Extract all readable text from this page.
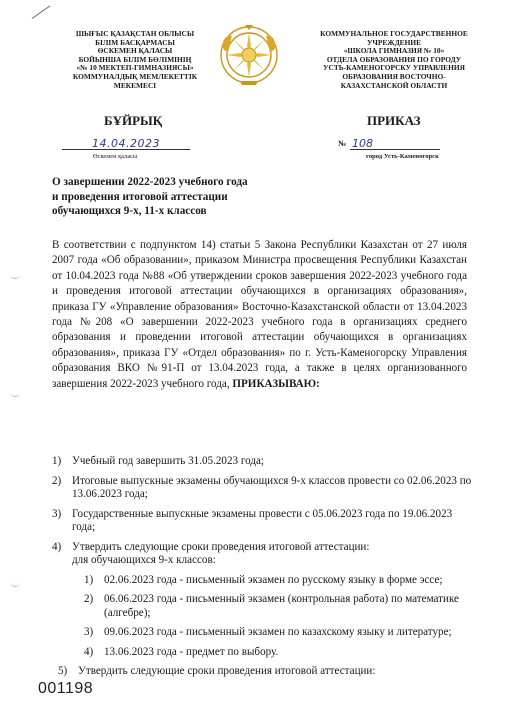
ШЫҒЫС ҚАЗАҚСТАН ОБЛЫСЫ
БІЛІМ БАСҚАРМАСЫ
ӨСКЕМЕН ҚАЛАСЫ
БОЙЫНША БІЛІМ БӨЛІМІНІҢ
«№ 10 МЕКТЕП-ГИМНАЗИЯСЫ»
КОММУНАЛДЫҚ МЕМЛЕКЕТТІК
МЕКЕМЕСІ
КОММУНАЛЬНОЕ ГОСУДАРСТВЕННОЕ
УЧРЕЖДЕНИЕ
«ШКОЛА ГИМНАЗИЯ № 10»
ОТДЕЛА ОБРАЗОВАНИЯ ПО ГОРОДУ
УСТЬ-КАМЕНОГОРСКУ УПРАВЛЕНИЯ
ОБРАЗОВАНИЯ ВОСТОЧНО-
КАЗАХСТАНСКОЙ ОБЛАСТИ
БҰЙРЫҚ	ПРИКАЗ
14.04.2023
Өскемен қаласы
№ 108
город Усть-Каменогорск
О завершении 2022-2023 учебного года
и проведения итоговой аттестации
обучающихся 9-х, 11-х классов

В соответствии с подпунктом 14) статьи 5 Закона Республики Казахстан от 27 июля 2007 года «Об образовании», приказом Министра просвещения Республики Казахстан от 10.04.2023 года №88 «Об утверждении сроков завершения 2022-2023 учебного года и проведения итоговой аттестации обучающихся в организациях образования», приказа ГУ «Управление образования» Восточно-Казахстанской области от 13.04.2023 года №208 «О завершении 2022-2023 учебного года в организациях среднего образования и проведении итоговой аттестации обучающихся в организациях образования», приказа ГУ «Отдел образования» по г. Усть-Каменогорску Управления образования ВКО №91-П от 13.04.2023 года, а также в целях организованного завершения 2022-2023 учебного года, ПРИКАЗЫВАЮ:

1) Учебный год завершить 31.05.2023 года;
2) Итоговые выпускные экзамены обучающихся 9-х классов провести со 02.06.2023 по 13.06.2023 года;
3) Государственные выпускные экзамены провести с 05.06.2023 года по 19.06.2023 года;
4) Утвердить следующие сроки проведения итоговой аттестации:
для обучающихся 9-х классов:
1) 02.06.2023 года - письменный экзамен по русскому языку в форме эссе;
2) 06.06.2023 года - письменный экзамен (контрольная работа) по математике (алгебре);
3) 09.06.2023 года - письменный экзамен по казахскому языку и литературе;
4) 13.06.2023 года - предмет по выбору.
5) Утвердить следующие сроки проведения итоговой аттестации:
001198
